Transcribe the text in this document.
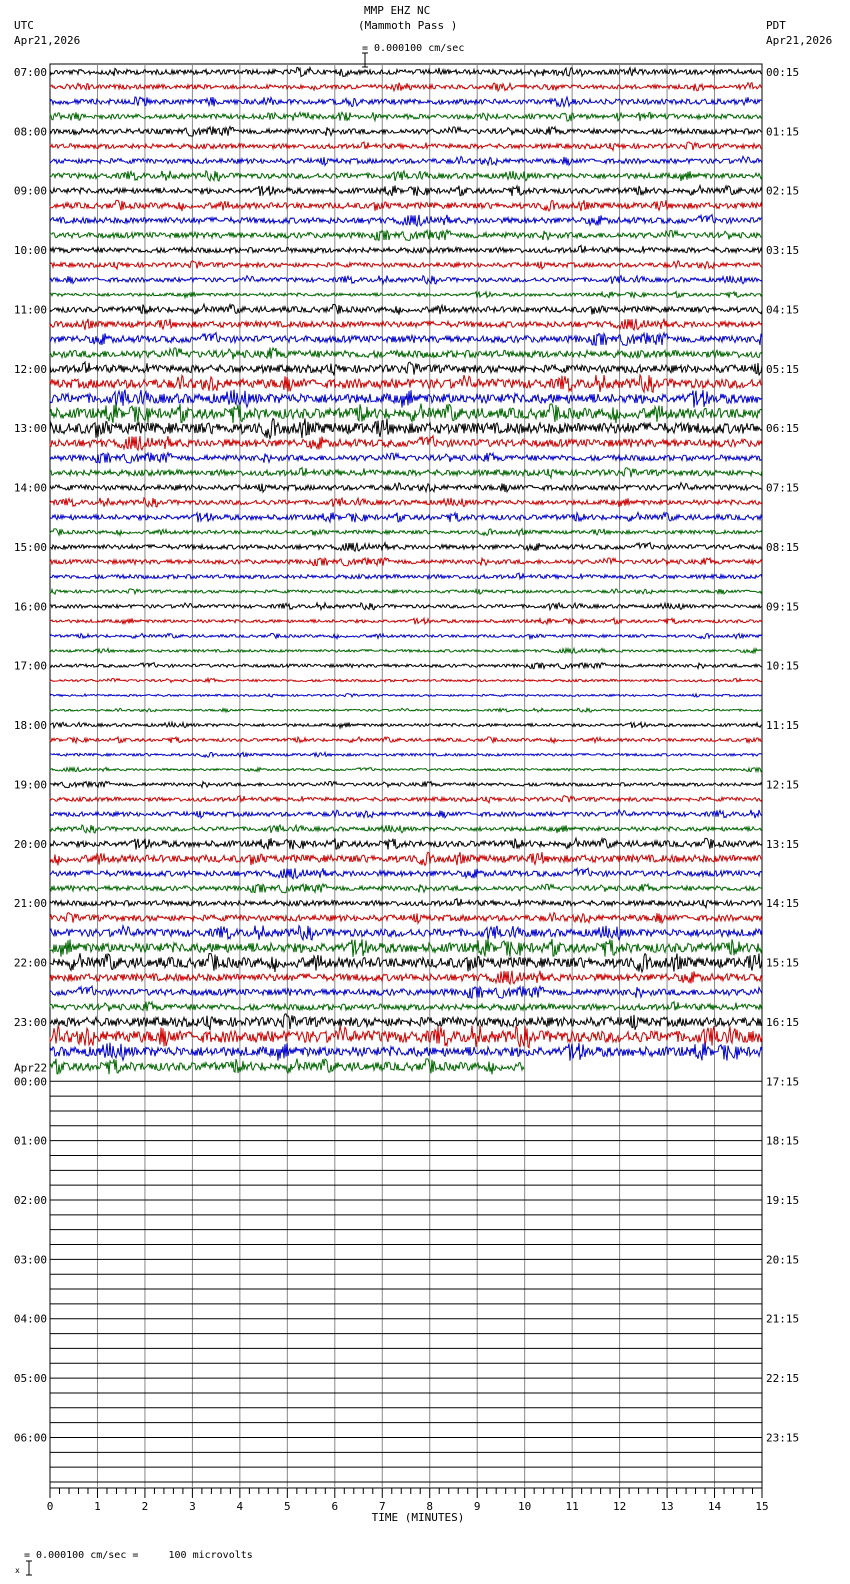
MMP EHZ NC
(Mammoth Pass )

= 0.000100 cm/sec
UTC
Apr21,2026
PDT
Apr21,2026
07:00
08:00
09:00
10:00
11:00
12:00
13:00
14:00
15:00
16:00
17:00
18:00
19:00
20:00
21:00
22:00
23:00
00:00
01:00
02:00
03:00
04:00
05:00
06:00
00:15
01:15
02:15
03:15
04:15
05:15
06:15
07:15
08:15
09:15
10:15
11:15
12:15
13:15
14:15
15:15
16:15
17:15
18:15
19:15
20:15
21:15
22:15
23:15
Apr22
0	1	2	3	4	5	6	7	8	9	10	11	12	13	14	15
TIME (MINUTES)

x

= 0.000100 cm/sec =     100 microvolts
